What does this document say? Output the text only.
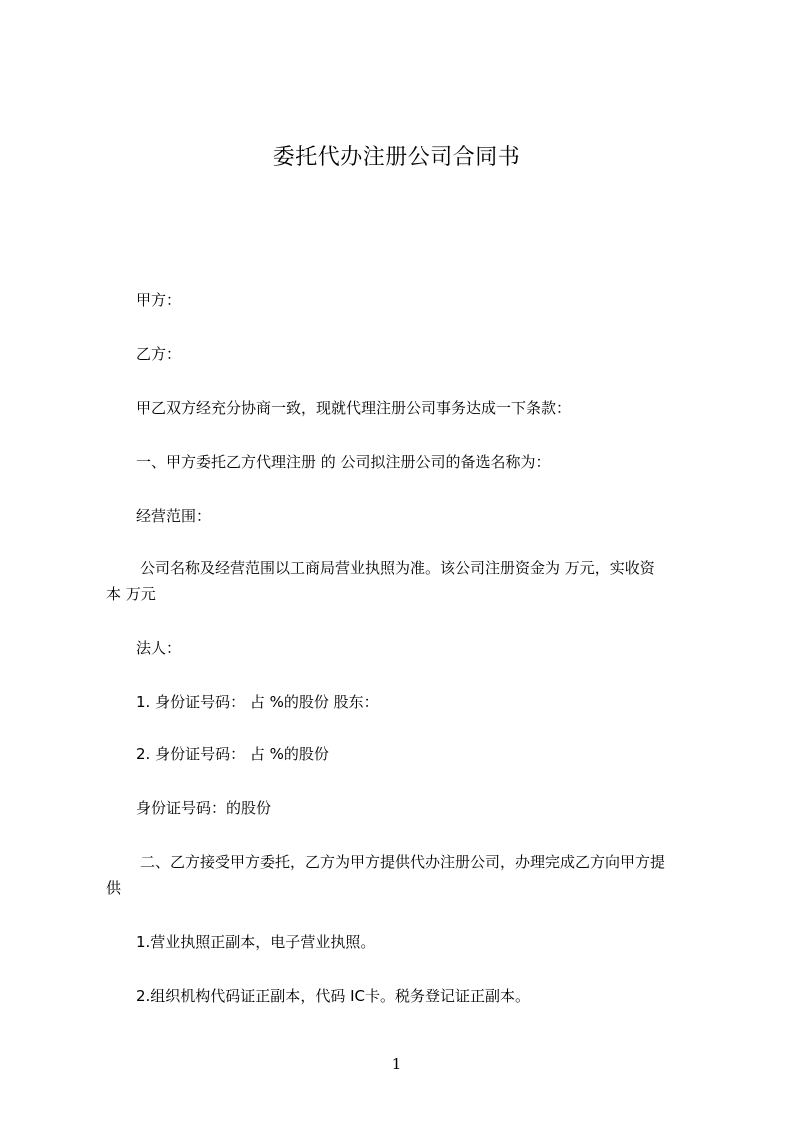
委托代办注册公司合同书

甲方：

乙方：

甲乙双方经充分协商一致，现就代理注册公司事务达成一下条款：

一、甲方委托乙方代理注册 的 公司拟注册公司的备选名称为：

经营范围：

公司名称及经营范围以工商局营业执照为准。该公司注册资金为 万元，实收资

本 万元

法人：

1. 身份证号码： 占 %的股份 股东：

2. 身份证号码： 占 %的股份

身份证号码：的股份

二、乙方接受甲方委托，乙方为甲方提供代办注册公司，办理完成乙方向甲方提

供

1.营业执照正副本，电子营业执照。

2.组织机构代码证正副本，代码 IC卡。税务登记证正副本。

1
